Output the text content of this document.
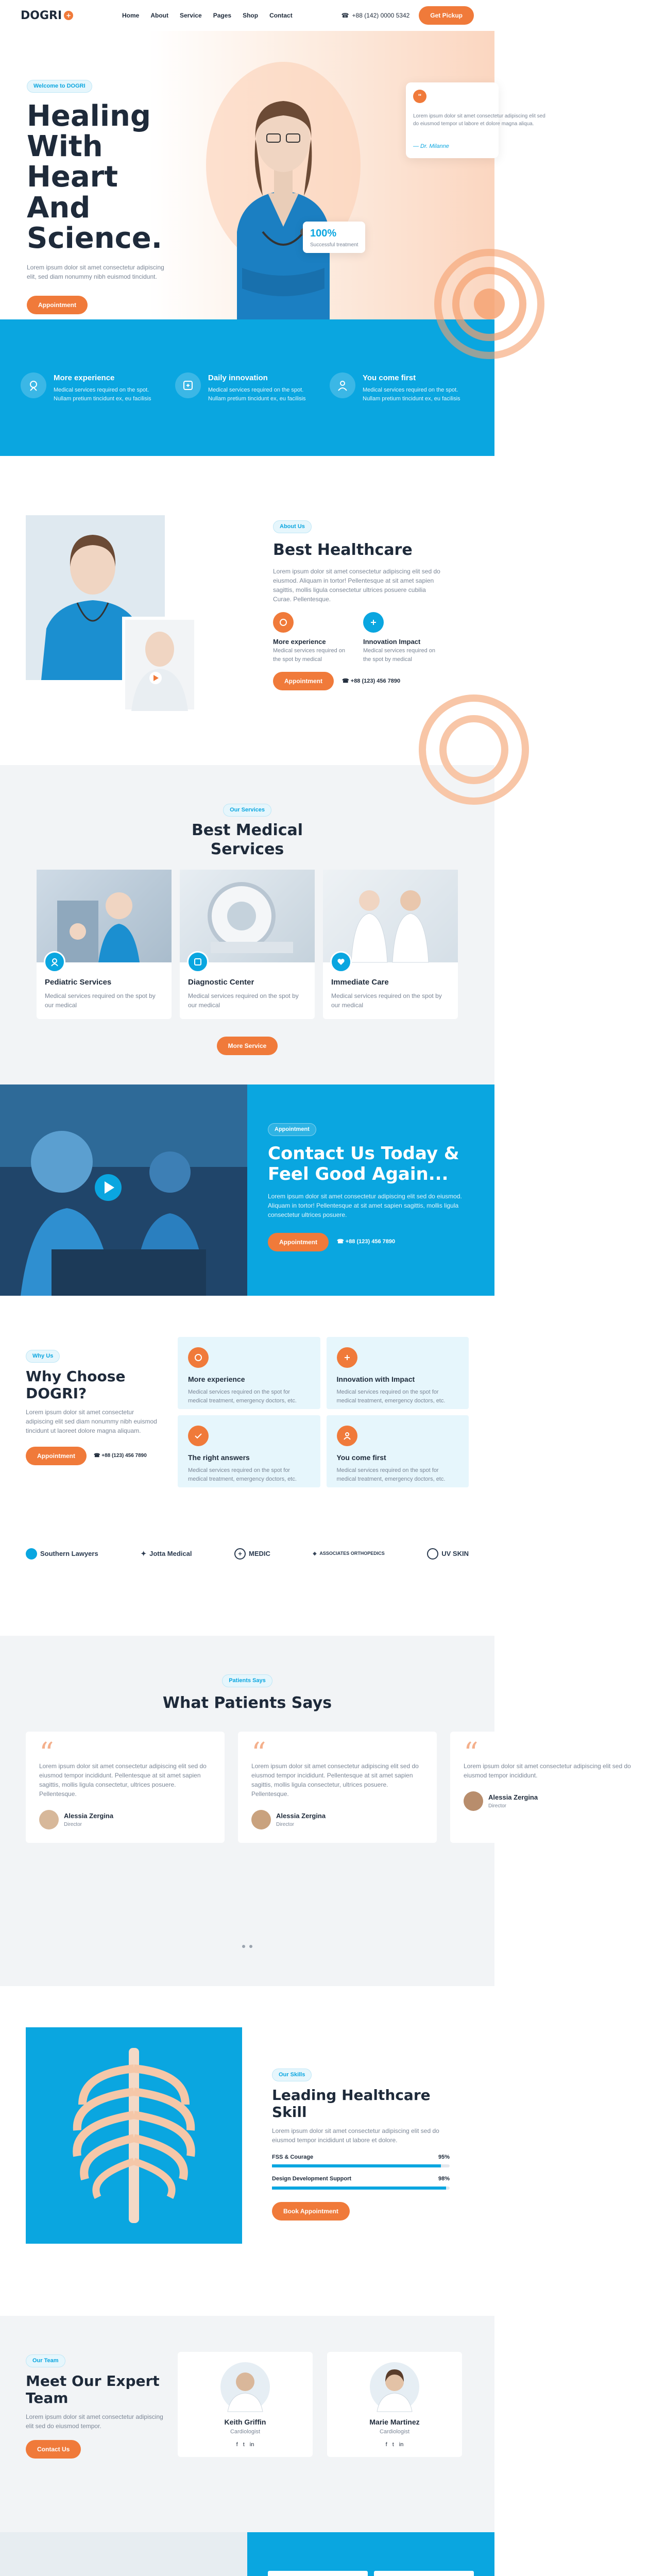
DOGRI +	Home About Service Pages Shop Contact	☎ +88 (142) 0000 5342	Get Pickup
Welcome to DOGRI
Healing
With Heart
And
Science.

Lorem ipsum dolor sit amet consectetur adipiscing elit, sed diam nonummy nibh euismod tincidunt.

Appointment
100%
Successful treatment
"

Lorem ipsum dolor sit amet consectetur adipiscing elit sed do eiusmod tempor ut labore et dolore magna aliqua.

— Dr. Milanne
More experience

Medical services required on the spot. Nullam pretium tincidunt ex, eu facilisis

Daily innovation

Medical services required on the spot. Nullam pretium tincidunt ex, eu facilisis

You come first

Medical services required on the spot. Nullam pretium tincidunt ex, eu facilisis

About Us
Best Healthcare

Lorem ipsum dolor sit amet consectetur adipiscing elit sed do eiusmod. Aliquam in tortor! Pellentesque at sit amet sapien sagittis, mollis ligula consectetur ultrices posuere cubilia Curae. Pellentesque.

More experience

Medical services required on the spot by medical

Innovation Impact

Medical services required on the spot by medical

Appointment	☎ +88 (123) 456 7890
Our Services
Best Medical
Services
Pediatric Services

Medical services required on the spot by our medical

Diagnostic Center

Medical services required on the spot by our medical

Immediate Care

Medical services required on the spot by our medical

More Service
Appointment
Contact Us Today & Feel Good Again...

Lorem ipsum dolor sit amet consectetur adipiscing elit sed do eiusmod. Aliquam in tortor! Pellentesque at sit amet sapien sagittis, mollis ligula consectetur ultrices posuere.

Appointment	☎ +88 (123) 456 7890
Why Us
Why Choose DOGRI?

Lorem ipsum dolor sit amet consectetur adipiscing elit sed diam nonummy nibh euismod tincidunt ut laoreet dolore magna aliquam.

Appointment	☎ +88 (123) 456 7890
More experience

Medical services required on the spot for medical treatment, emergency doctors, etc.

Innovation with Impact

Medical services required on the spot for medical treatment, emergency doctors, etc.

The right answers

Medical services required on the spot for medical treatment, emergency doctors, etc.

You come first

Medical services required on the spot for medical treatment, emergency doctors, etc.

Southern Lawyers	✦ Jotta Medical	+	MEDIC	◈ ASSOCIATES ORTHOPEDICS	UV SKIN
Patients Says
What Patients Says
“

Lorem ipsum dolor sit amet consectetur adipiscing elit sed do eiusmod tempor incididunt. Pellentesque at sit amet sapien sagittis, mollis ligula consectetur, ultrices posuere. Pellentesque.

Alessia Zergina
Director
“

Lorem ipsum dolor sit amet consectetur adipiscing elit sed do eiusmod tempor incididunt. Pellentesque at sit amet sapien sagittis, mollis ligula consectetur, ultrices posuere. Pellentesque.

Alessia Zergina
Director
“

Lorem ipsum dolor sit amet consectetur adipiscing elit sed do eiusmod tempor incididunt.

Alessia Zergina
Director
Our Skills
Leading Healthcare
Skill

Lorem ipsum dolor sit amet consectetur adipiscing elit sed do eiusmod tempor incididunt ut labore et dolore.

FSS & Courage	95%
Design Development Support	98%
Book Appointment
Our Team
Meet Our Expert Team

Lorem ipsum dolor sit amet consectetur adipiscing elit sed do eiusmod tempor.

Contact Us
Keith Griffin
Cardiologist
f t in
Marie Martinez
Cardiologist
f t in
